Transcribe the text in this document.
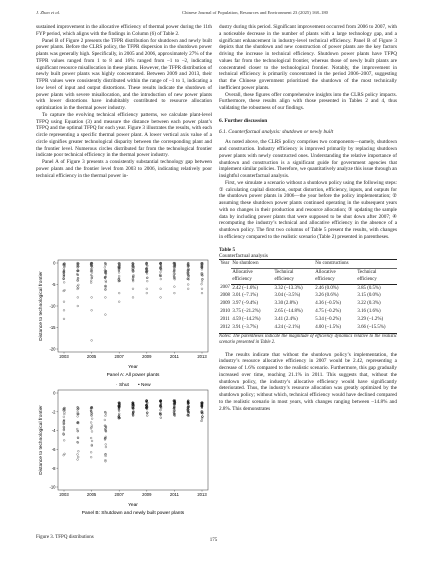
J. Zhao et al.	Chinese Journal of Population, Resources and Environment 23 (2025) 168–180

sustained improvement in the allocative efficiency of thermal power during the 11th FYP period, which aligns with the findings in Column (6) of Table 2.

Panel B of Figure 2 presents the TFPR distribution for shutdown and newly built power plants. Before the CLRS policy, the TFPR dispersion in the shutdown power plants was generally high. Specifically, in 2005 and 2006, approximately 27% of the TFPR values ranged from 1 to 8 and 16% ranged from –1 to –2, indicating significant resource misallocation in these plants. However, the TFPR distribution of newly built power plants was highly concentrated. Between 2009 and 2013, their TFPR values were consistently distributed within the range of –1 to 1, indicating a low level of input and output distortions. These results indicate the shutdown of power plants with severe misallocation, and the introduction of new power plants with lower distortions have indubitably contributed to resource allocation optimization in the thermal power industry.

To capture the evolving technical efficiency patterns, we calculate plant-level TFPQ using Equation (3) and measure the distance between each power plant’s TFPQ and the optimal TFPQ for each year. Figure 3 illustrates the results, with each circle representing a specific thermal power plant. A lower vertical axis value of a circle signifies greater technological disparity between the corresponding plant and the frontier level. Numerous circles distributed far from the technological frontier indicate poor technical efficiency in the thermal power industry.

Panel A of Figure 3 presents a consistently substantial technology gap between power plants and the frontier level from 2003 to 2006, indicating relatively poor technical efficiency in the thermal power in-

Distance to technological frontier
0
-5
-10
-15
-20
2003	2005	2007	2009	2011	2013
Year
Panel A: All power plants
· Shut • New
Distance to technological frontier
0
-2
-4
-6
-8
-10
2003	2005	2007	2009	2011	2013
Year
Panel B: Shutdown and newly built power plants
Figure 3. TFPQ distributions

dustry during this period. Significant improvement occurred from 2006 to 2007, with a noticeable decrease in the number of plants with a large technology gap, and a significant enhancement in industry-level technical efficiency. Panel B of Figure 3 depicts that the shutdown and new construction of power plants are the key factors driving the increase in technical efficiency. Shutdown power plants have TFPQ values far from the technological frontier, whereas those of newly built plants are concentrated closer to the technological frontier. Notably, the improvement in technical efficiency is primarily concentrated in the period 2006–2007, suggesting that the Chinese government prioritized the shutdown of the most technically inefficient power plants.

Overall, these figures offer comprehensive insights into the CLRS policy impacts. Furthermore, these results align with those presented in Tables 2 and 4, thus validating the robustness of our findings.

6. Further discussion
6.1. Counterfactual analysis: shutdown or newly built

As noted above, the CLRS policy comprises two components—namely, shutdown and construction. Industry efficiency is improved primarily by replacing shutdown power plants with newly constructed ones. Understanding the relative importance of shutdown and construction is a significant guide for government agencies that implement similar policies. Therefore, we quantitatively analyze this issue through an insightful counterfactual analysis.

First, we simulate a scenario without a shutdown policy using the following steps: ① calculating capital distortion, output distortion, efficiency, inputs, and outputs for the shutdown power plants in 2006—the year before the policy implementation; ② assuming these shutdown power plants continued operating in the subsequent years with no changes in their production and resource allocation; ③ updating the sample data by including power plants that were supposed to be shut down after 2007; ④ recomputing the industry’s technical and allocative efficiency in the absence of a shutdown policy. The first two columns of Table 5 present the results, with changes in efficiency compared to the realistic scenario (Table 2) presented in parentheses.

Table 5
Counterfactual analysis
Year	No shutdown		No constructions	
	Allocative efficiency	Technical efficiency	Allocative efficiency	Technical efficiency
2007	2.42 (–1.6%)	3.32 (–13.3%)	2.46 (0.0%)	3.85 (0.5%)
2008	3.01 (–7.1%)	3.04 (–3.5%)	3.26 (0.6%)	3.15 (0.0%)
2009	3.97 (–9.4%)	3.30 (2.8%)	4.36 (–0.5%)	3.22 (0.3%)
2010	3.75 (–21.2%)	2.65 (–14.8%)	4.75 (–0.2%)	3.16 (1.6%)
2011	4.59 (–14.2%)	3.41 (2.4%)	5.34 (–0.2%)	3.29 (–1.2%)
2012	3.91 (–3.7%)	4.24 (–2.1%)	4.00 (–1.5%)	3.66 (–15.5%)
Notes: The parentheses indicate the magnitude of efficiency dynamics relative to the realistic scenario presented in Table 2.

The results indicate that without the shutdown policy’s implementation, the industry’s resource allocative efficiency in 2007 would be 2.42, representing a decrease of 1.6% compared to the realistic scenario. Furthermore, this gap gradually increased over time, reaching 21.1% in 2011. This suggests that, without the shutdown policy, the industry’s allocative efficiency would have significantly deteriorated. Thus, the industry’s resource allocation was greatly optimized by the shutdown policy; without which, technical efficiency would have declined compared to the realistic scenario in most years, with changes ranging between –14.8% and 2.8%. This demonstrates

175
